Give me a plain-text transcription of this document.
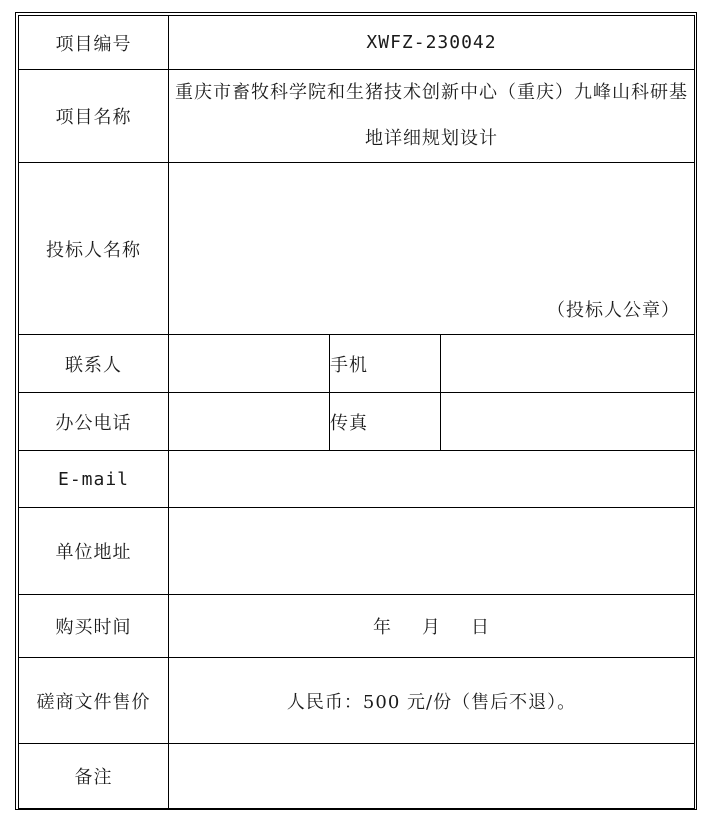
项目编号	XWFZ-230042		
项目名称	重庆市畜牧科学院和生猪技术创新中心（重庆）九峰山科研基地详细规划设计		

投标人名称	（投标人公章）		

联系人		手机	
办公电话		传真	
E-mail			
单位地址			
购买时间	年 月 日		
磋商文件售价	人民币：500 元/份（售后不退）。		
备注			
